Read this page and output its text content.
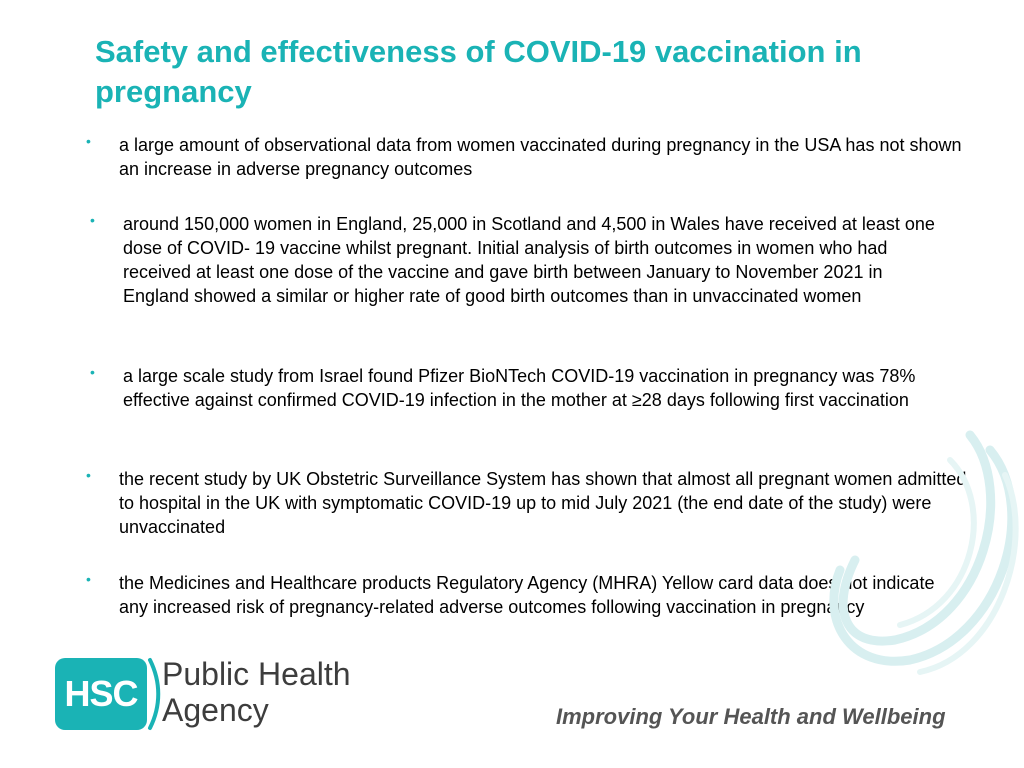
Safety and effectiveness of COVID-19 vaccination in pregnancy
• a large amount of observational data from women vaccinated during pregnancy in the USA has not shown an increase in adverse pregnancy outcomes
• around 150,000 women in England, 25,000 in Scotland and 4,500 in Wales have received at least one dose of COVID- 19 vaccine whilst pregnant. Initial analysis of birth outcomes in women who had received at least one dose of the vaccine and gave birth between January to November 2021 in England showed a similar or higher rate of good birth outcomes than in unvaccinated women
• a large scale study from Israel found Pfizer BioNTech COVID-19 vaccination in pregnancy was 78% effective against confirmed COVID-19 infection in the mother at ≥28 days following first vaccination
• the recent study by UK Obstetric Surveillance System has shown that almost all pregnant women admitted to hospital in the UK with symptomatic COVID-19 up to mid July 2021 (the end date of the study) were unvaccinated
• the Medicines and Healthcare products Regulatory Agency (MHRA) Yellow card data does not indicate any increased risk of pregnancy-related adverse outcomes following vaccination in pregnancy
HSC Public Health
Agency	Improving Your Health and Wellbeing
